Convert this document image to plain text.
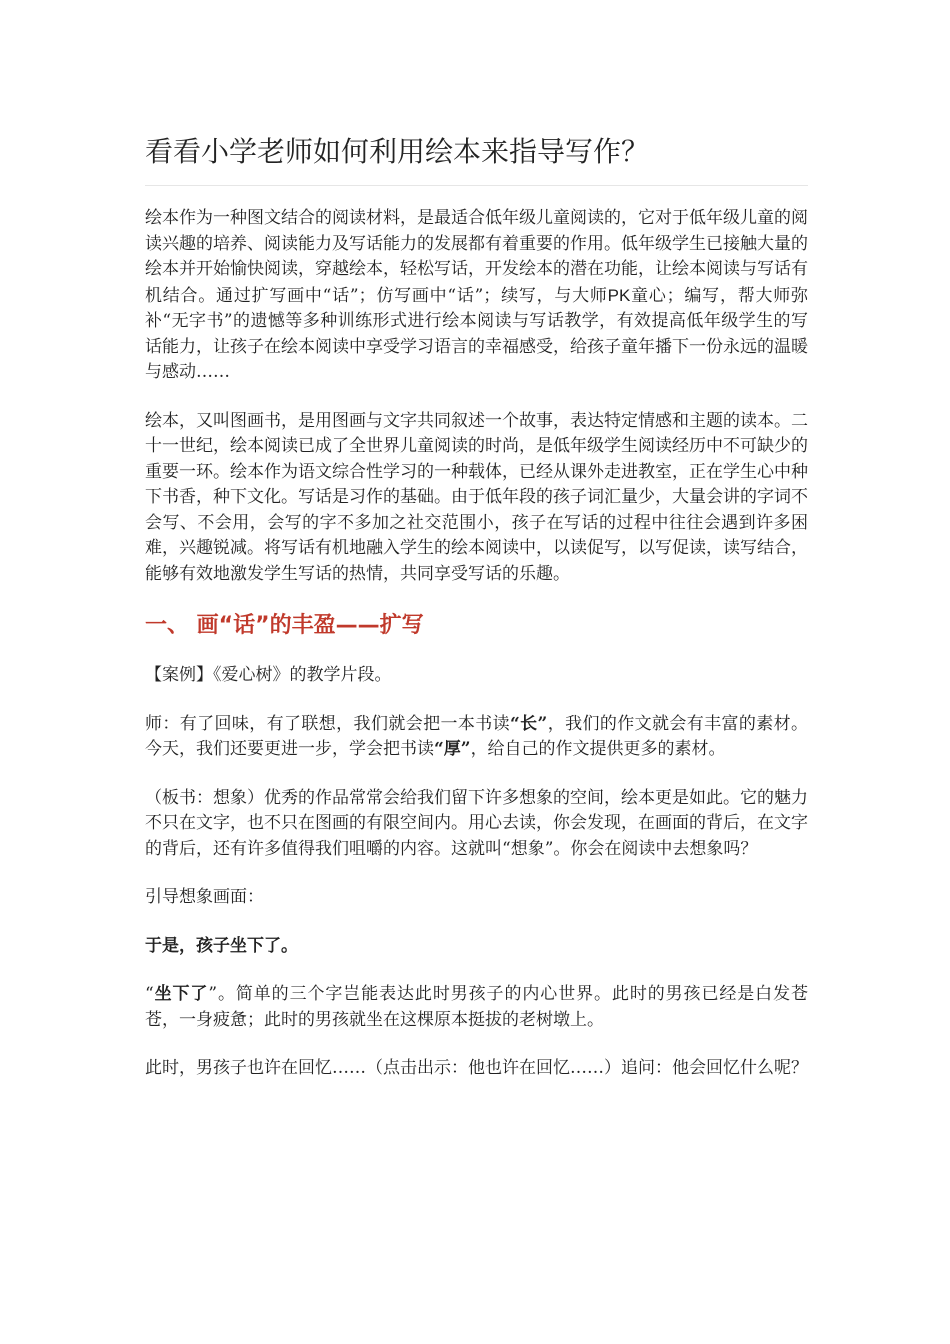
看看小学老师如何利用绘本来指导写作？

绘本作为一种图文结合的阅读材料，是最适合低年级儿童阅读的，它对于低年级儿童的阅读兴趣的培养、阅读能力及写话能力的发展都有着重要的作用。低年级学生已接触大量的绘本并开始愉快阅读，穿越绘本，轻松写话，开发绘本的潜在功能，让绘本阅读与写话有机结合。通过扩写画中“话”；仿写画中“话”；续写，与大师PK童心；编写，帮大师弥补“无字书”的遗憾等多种训练形式进行绘本阅读与写话教学，有效提高低年级学生的写话能力，让孩子在绘本阅读中享受学习语言的幸福感受，给孩子童年播下一份永远的温暖与感动……

绘本，又叫图画书，是用图画与文字共同叙述一个故事，表达特定情感和主题的读本。二十一世纪，绘本阅读已成了全世界儿童阅读的时尚，是低年级学生阅读经历中不可缺少的重要一环。绘本作为语文综合性学习的一种载体，已经从课外走进教室，正在学生心中种下书香，种下文化。写话是习作的基础。由于低年段的孩子词汇量少，大量会讲的字词不会写、不会用，会写的字不多加之社交范围小，孩子在写话的过程中往往会遇到许多困难，兴趣锐减。将写话有机地融入学生的绘本阅读中，以读促写，以写促读，读写结合，能够有效地激发学生写话的热情，共同享受写话的乐趣。

一、 画“话”的丰盈——扩写

【案例】《爱心树》的教学片段。

师：有了回味，有了联想，我们就会把一本书读“长”，我们的作文就会有丰富的素材。今天，我们还要更进一步，学会把书读“厚”，给自己的作文提供更多的素材。

（板书：想象）优秀的作品常常会给我们留下许多想象的空间，绘本更是如此。它的魅力不只在文字，也不只在图画的有限空间内。用心去读，你会发现，在画面的背后，在文字的背后，还有许多值得我们咀嚼的内容。这就叫“想象”。你会在阅读中去想象吗？

引导想象画面：

于是，孩子坐下了。

“坐下了”。简单的三个字岂能表达此时男孩子的内心世界。此时的男孩已经是白发苍苍，一身疲惫；此时的男孩就坐在这棵原本挺拔的老树墩上。

此时，男孩子也许在回忆……（点击出示：他也许在回忆……）追问：他会回忆什么呢？
